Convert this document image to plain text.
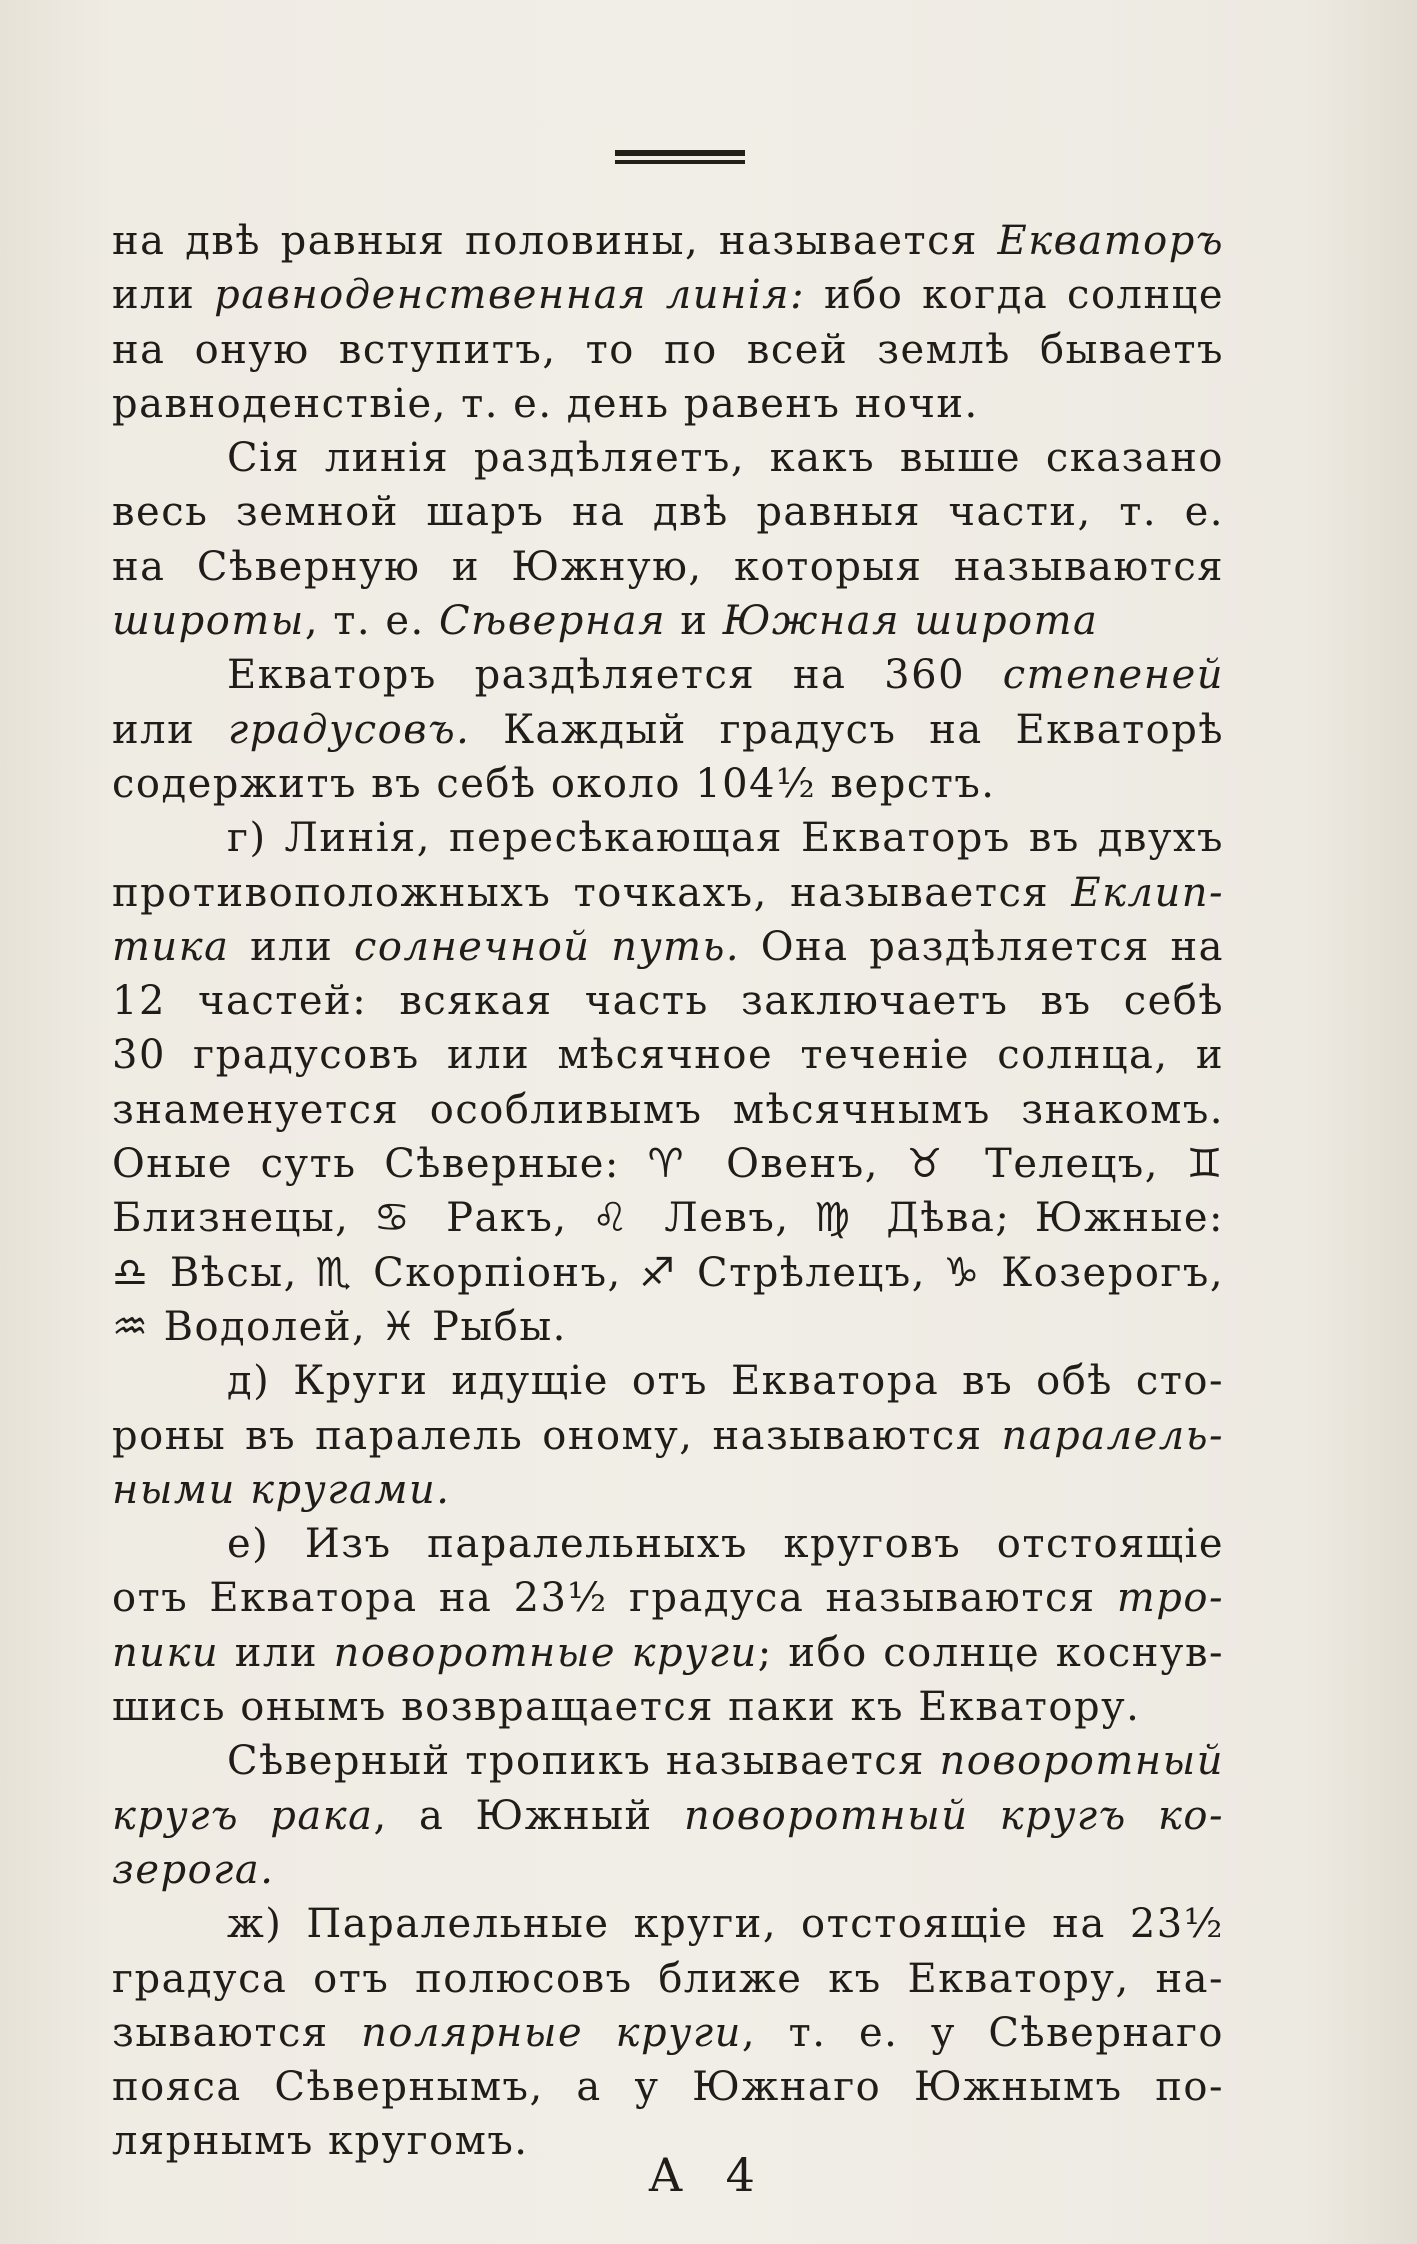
на двѣ равныя половины, называется Екваторъ
или равноденственная линія: ибо когда солнце
на оную вступитъ, то по всей землѣ бываетъ
равноденствіе, т. е. день равенъ ночи.

Сія линія раздѣляетъ, какъ выше сказано
весь земной шаръ на двѣ равныя части, т. е.
на Сѣверную и Южную, которыя называются
широты, т. е. Сѣверная и Южная широта

Екваторъ раздѣляется на 360 степеней
или градусовъ. Каждый градусъ на Екваторѣ
содержитъ въ себѣ около 104½ верстъ.

г) Линія, пересѣкающая Екваторъ въ двухъ
противоположныхъ точкахъ, называется Еклип-
тика или солнечной путь. Она раздѣляется на
12 частей: всякая часть заключаетъ въ себѣ
30 градусовъ или мѣсячное теченіе солнца, и
знаменуется особливымъ мѣсячнымъ знакомъ.
Оные суть Сѣверные: ♈ Овенъ, ♉ Телецъ, ♊
Близнецы, ♋ Ракъ, ♌ Левъ, ♍ Дѣва; Южные:
♎ Вѣсы, ♏ Скорпіонъ, ♐ Стрѣлецъ, ♑ Козерогъ,
♒ Водолей, ♓ Рыбы.

д) Круги идущіе отъ Екватора въ обѣ сто-
роны въ паралель оному, называются паралель-
ными кругами.

е) Изъ паралельныхъ круговъ отстоящіе
отъ Екватора на 23½ градуса называются тро-
пики или поворотные круги; ибо солнце коснув-
шись онымъ возвращается паки къ Екватору.

Сѣверный тропикъ называется поворотный
кругъ рака, а Южный поворотный кругъ ко-
зерога.

ж) Паралельные круги, отстоящіе на 23½
градуса отъ полюсовъ ближе къ Екватору, на-
зываются полярные круги, т. е. у Сѣвернаго
пояса Сѣвернымъ, а у Южнаго Южнымъ по-
лярнымъ кругомъ.

А 4
